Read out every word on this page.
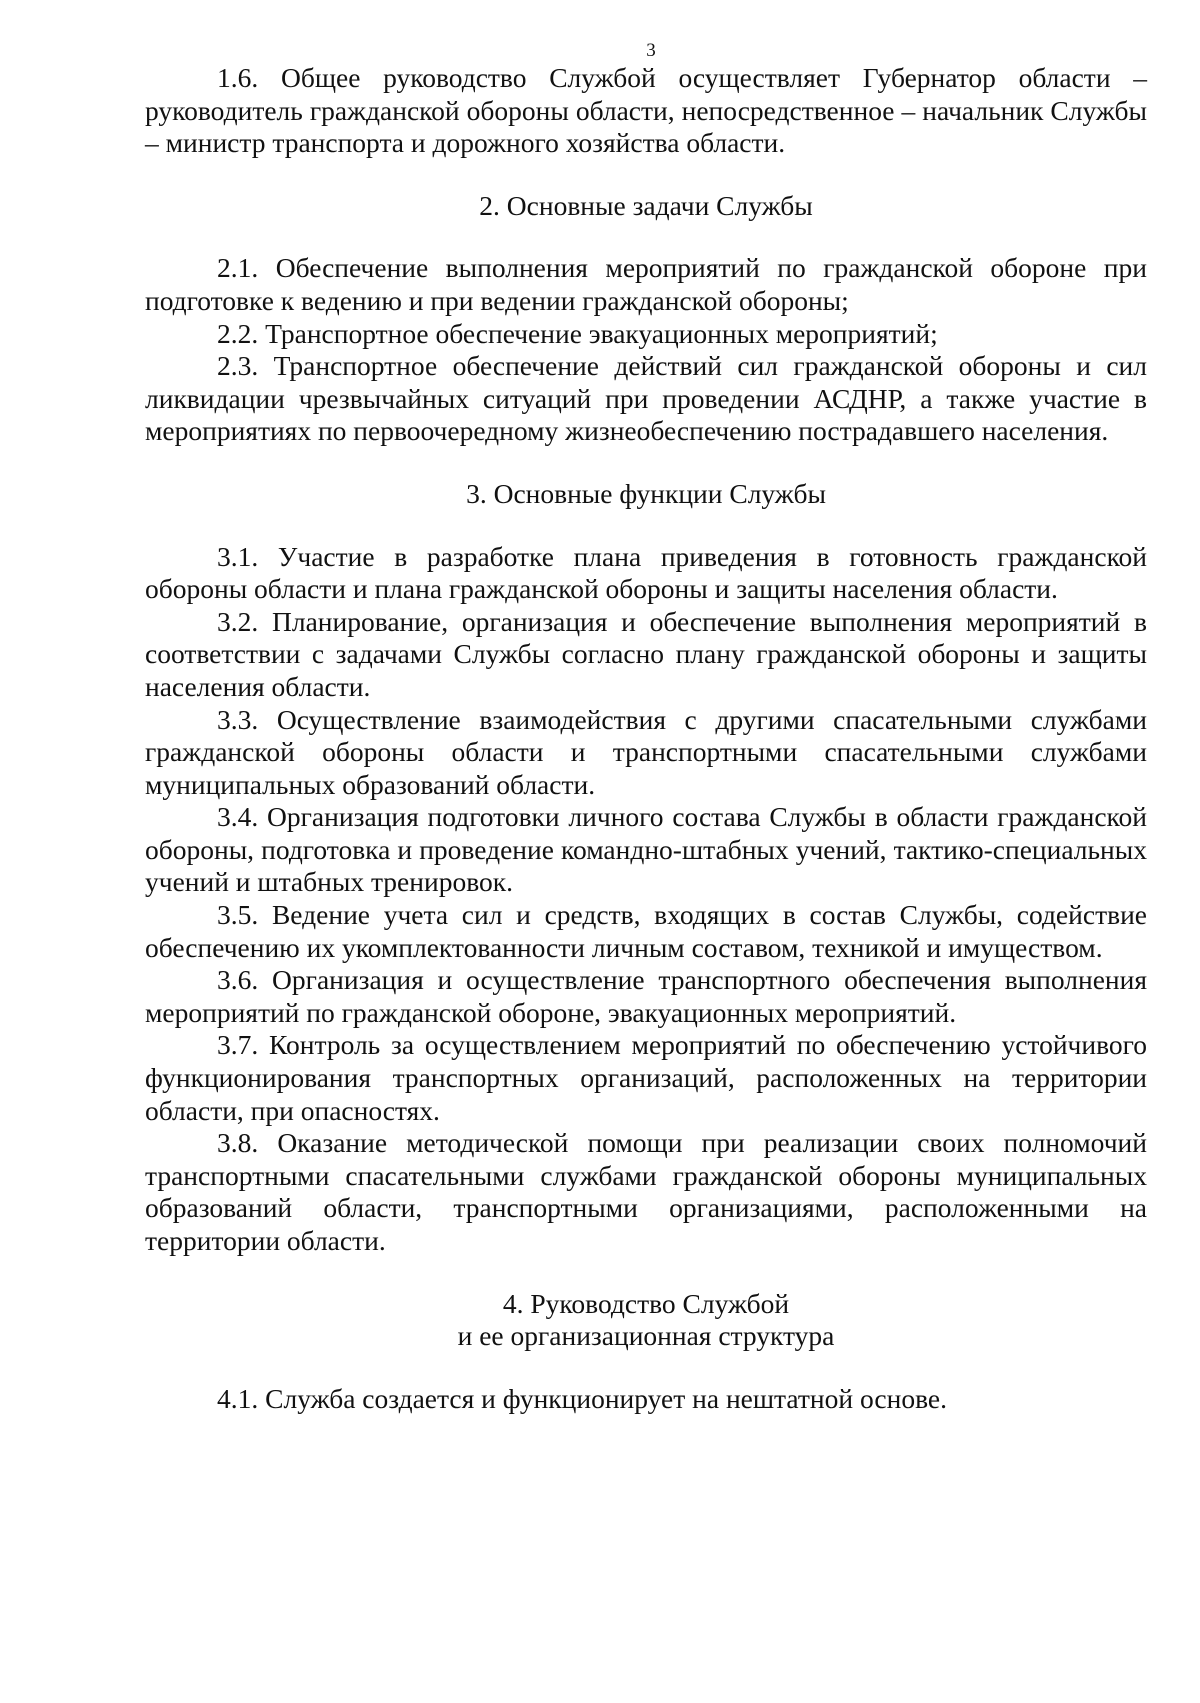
3

1.6. Общее руководство Службой осуществляет Губернатор области – руководитель гражданской обороны области, непосредственное – начальник Службы – министр транспорта и дорожного хозяйства области.

2. Основные задачи Службы

2.1. Обеспечение выполнения мероприятий по гражданской обороне при подготовке к ведению и при ведении гражданской обороны;

2.2. Транспортное обеспечение эвакуационных мероприятий;

2.3. Транспортное обеспечение действий сил гражданской обороны и сил ликвидации чрезвычайных ситуаций при проведении АСДНР, а также участие в мероприятиях по первоочередному жизнеобеспечению пострадавшего населения.

3. Основные функции Службы

3.1. Участие в разработке плана приведения в готовность гражданской обороны области и плана гражданской обороны и защиты населения области.

3.2. Планирование, организация и обеспечение выполнения мероприятий в соответствии с задачами Службы согласно плану гражданской обороны и защиты населения области.

3.3. Осуществление взаимодействия с другими спасательными службами гражданской обороны области и транспортными спасательными службами муниципальных образований области.

3.4. Организация подготовки личного состава Службы в области гражданской обороны, подготовка и проведение командно-штабных учений, тактико-специальных учений и штабных тренировок.

3.5. Ведение учета сил и средств, входящих в состав Службы, содействие обеспечению их укомплектованности личным составом, техникой и имуществом.

3.6. Организация и осуществление транспортного обеспечения выполнения мероприятий по гражданской обороне, эвакуационных мероприятий.

3.7. Контроль за осуществлением мероприятий по обеспечению устойчивого функционирования транспортных организаций, расположенных на территории области, при опасностях.

3.8. Оказание методической помощи при реализации своих полномочий транспортными спасательными службами гражданской обороны муниципальных образований области, транспортными организациями, расположенными на территории области.

4. Руководство Службой
и ее организационная структура

4.1. Служба создается и функционирует на нештатной основе.
